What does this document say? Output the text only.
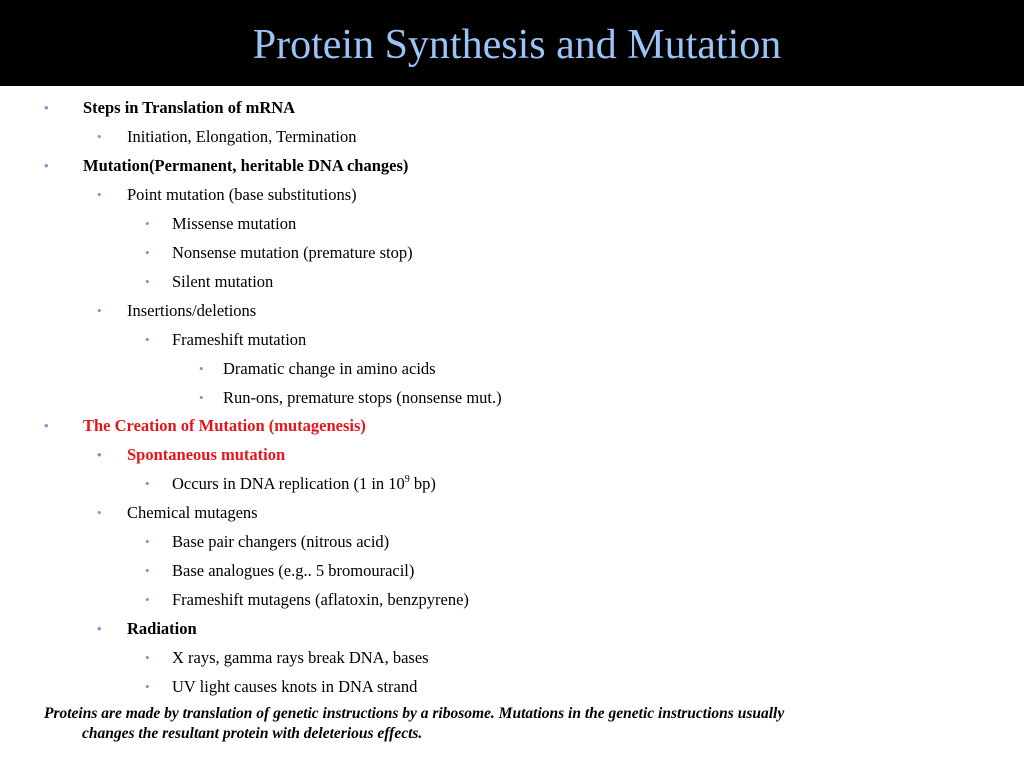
Protein Synthesis and Mutation
• Steps in Translation of mRNA
• Initiation, Elongation, Termination
• Mutation(Permanent, heritable DNA changes)
• Point mutation (base substitutions)
• Missense mutation
• Nonsense mutation (premature stop)
• Silent mutation
• Insertions/deletions
• Frameshift mutation
• Dramatic change in amino acids
• Run-ons, premature stops (nonsense mut.)
• The Creation of Mutation (mutagenesis)
• Spontaneous mutation
• Occurs in DNA replication (1 in $10^9$ bp)
• Chemical mutagens
• Base pair changers (nitrous acid)
• Base analogues (e.g.. 5 bromouracil)
• Frameshift mutagens (aflatoxin, benzpyrene)
• Radiation
• X rays, gamma rays break DNA, bases
• UV light causes knots in DNA strand
Proteins are made by translation of genetic instructions by a ribosome. Mutations in the genetic instructions usually
changes the resultant protein with deleterious effects.
